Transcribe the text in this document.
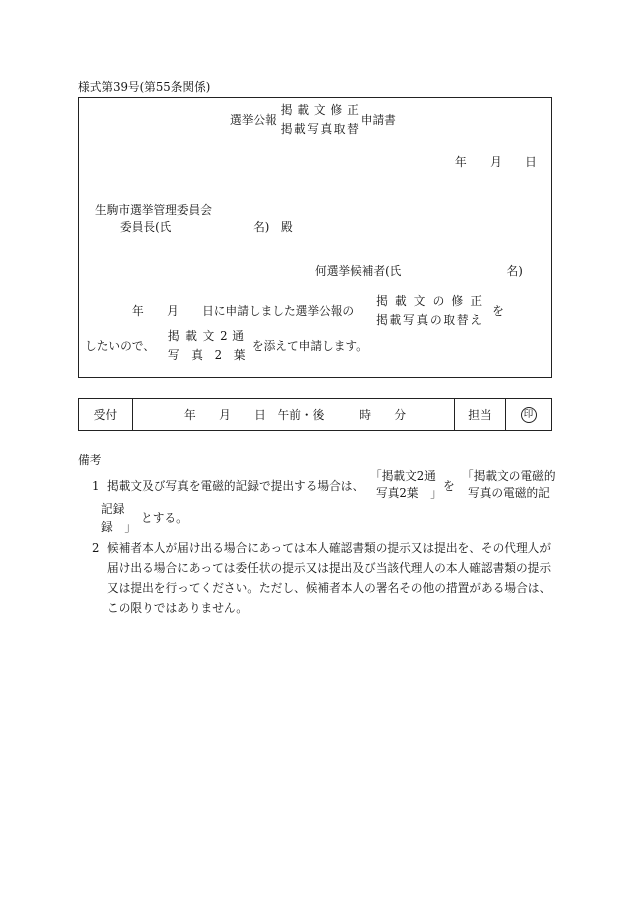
様式第39号(第55条関係)
選挙公報
掲 載 文 修 正
掲載写真取替
申請書
年　　月　　日
生駒市選挙管理委員会
委員長(氏　　　　　　　名)　殿
何選挙候補者(氏　　　　　　　　　名)
年　　月　　日に申請しました選挙公報の
掲 載 文 の 修 正
掲載写真の取替え
を
したいので、
掲 載 文 2 通
写　真　2　葉
を添えて申請します。
受付	年　　月　　日　午前・後　　　時　　分	担当	印
備考
1 掲載文及び写真を電磁的記録で提出する場合は、
「掲載文2通
写真2葉　」 を
「掲載文の電磁的
写真の電磁的記
記録
録　」
とする。
2 候補者本人が届け出る場合にあっては本人確認書類の提示又は提出を、その代理人が
届け出る場合にあっては委任状の提示又は提出及び当該代理人の本人確認書類の提示
又は提出を行ってください。ただし、候補者本人の署名その他の措置がある場合は、
この限りではありません。
